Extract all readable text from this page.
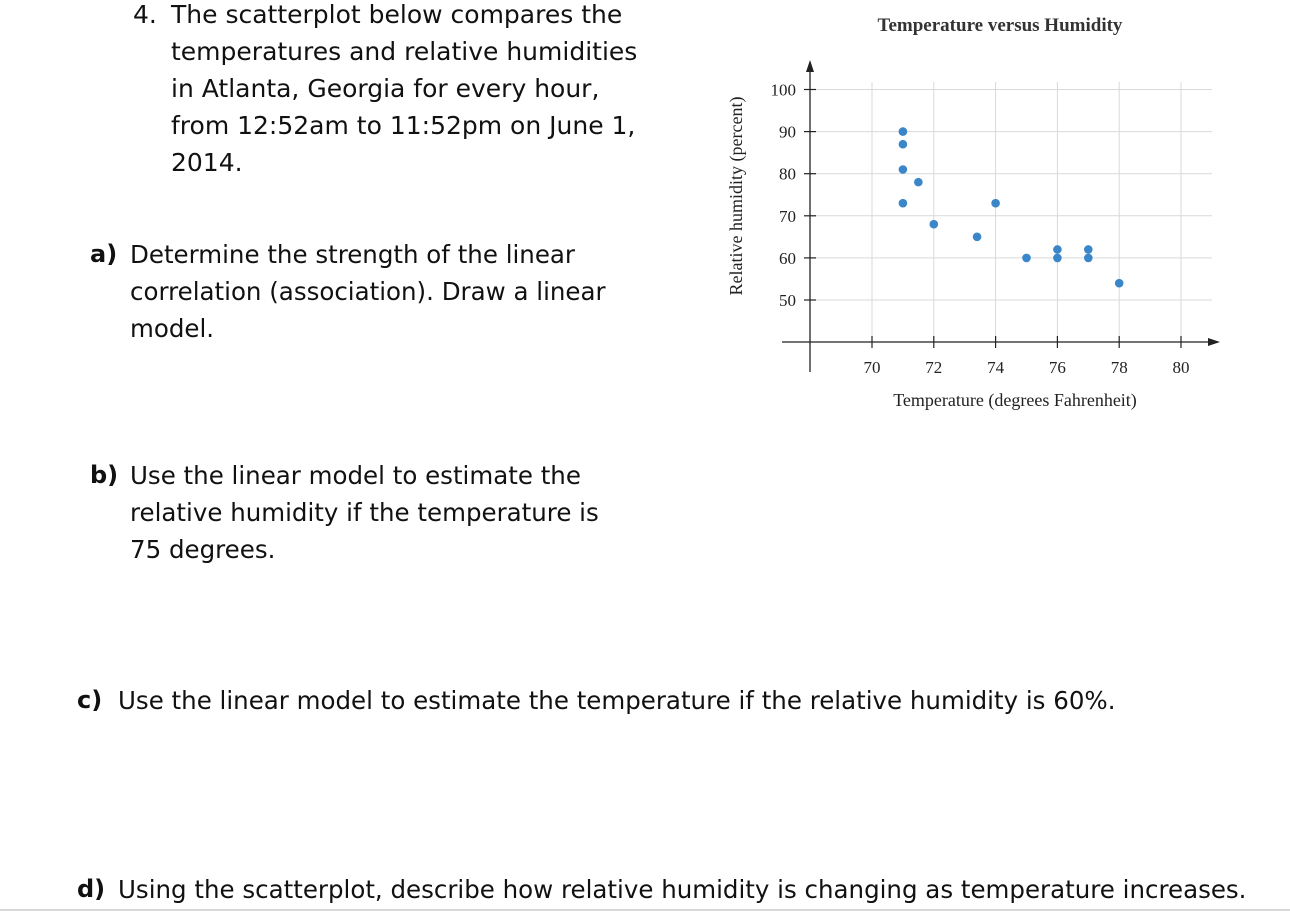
4. The scatterplot below compares the temperatures and relative humidities in Atlanta, Georgia for every hour, from 12:52am to 11:52pm on June 1, 2014.

a) Determine the strength of the linear correlation (association). Draw a linear model.

b) Use the linear model to estimate the relative humidity if the temperature is 75 degrees.

c) Use the linear model to estimate the temperature if the relative humidity is 60%.

d) Using the scatterplot, describe how relative humidity is changing as temperature increases.

Temperature versus Humidity
50
60
70
80
90
100
70	72	74	76	78	80
Temperature (degrees Fahrenheit)
Relative humidity (percent)
